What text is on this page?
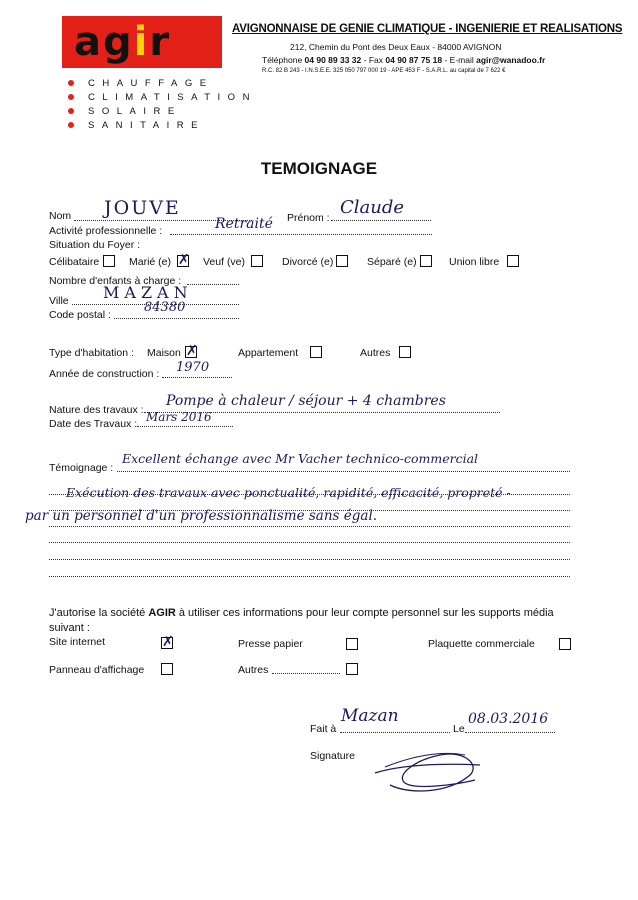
agir	AVIGNONNAISE DE GENIE CLIMATIQUE - INGENIERIE ET REALISATIONS
212, Chemin du Pont des Deux Eaux - 84000 AVIGNON
Téléphone 04 90 89 33 32 - Fax 04 90 87 75 18 - E-mail agir@wanadoo.fr
R.C. 82 B 243 - I.N.S.E.E. 325 050 797 000 19 - APE 453 F - S.A.R.L. au capital de 7 622 €
CHAUFFAGE
CLIMATISATION
SOLAIRE
SANITAIRE
TEMOIGNAGE
Nom JOUVE	Prénom : Claude
Activité professionnelle :	Retraité
Situation du Foyer :
Célibataire	Marié (e) ✗	Veuf (ve)	Divorcé (e)	Séparé (e)	Union libre
Nombre d'enfants à charge :
Ville MAZAN
Code postal :	84380
Type d'habitation : Maison ✗	Appartement	Autres
Année de construction : 1970
Nature des travaux :
Pompe à chaleur / séjour + 4 chambres
Date des Travaux : Mars 2016
Témoignage :
Excellent échange avec Mr Vacher technico-commercial
Exécution des travaux avec ponctualité, rapidité, efficacité, propreté -
par un personnel d'un professionnalisme sans égal.
J'autorise la société AGIR à utiliser ces informations pour leur compte personnel sur les supports média suivant :
Site internet ✗	Presse papier	Plaquette commerciale
Panneau d'affichage	Autres
Fait à
Mazan
Le
08.03.2016
Signature
